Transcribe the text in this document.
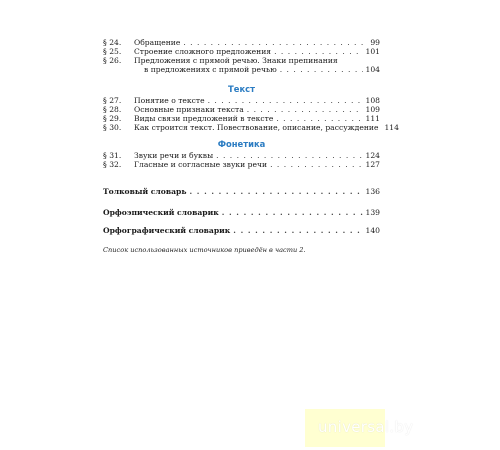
§ 24.	Обращение . . .	99
§ 25.	Строение сложного предложения . . .	101
§ 26.	Предложения с прямой речью. Знаки препинания
в предложениях с прямой речью . . .	104
Текст
§ 27.	Понятие о тексте . . .	108
§ 28.	Основные признаки текста . . .	109
§ 29.	Виды связи предложений в тексте . . .	111
§ 30.	Как строится текст. Повествование, описание, рассуждение 114
Фонетика
§ 31.	Звуки речи и буквы . . .	124
§ 32.	Гласные и согласные звуки речи . . .	127
Толковый словарь . . .	136
Орфоэпический словарик . . .	139
Орфографический словарик . . .	140
Список использованных источников приведён в части 2.
universal.by
